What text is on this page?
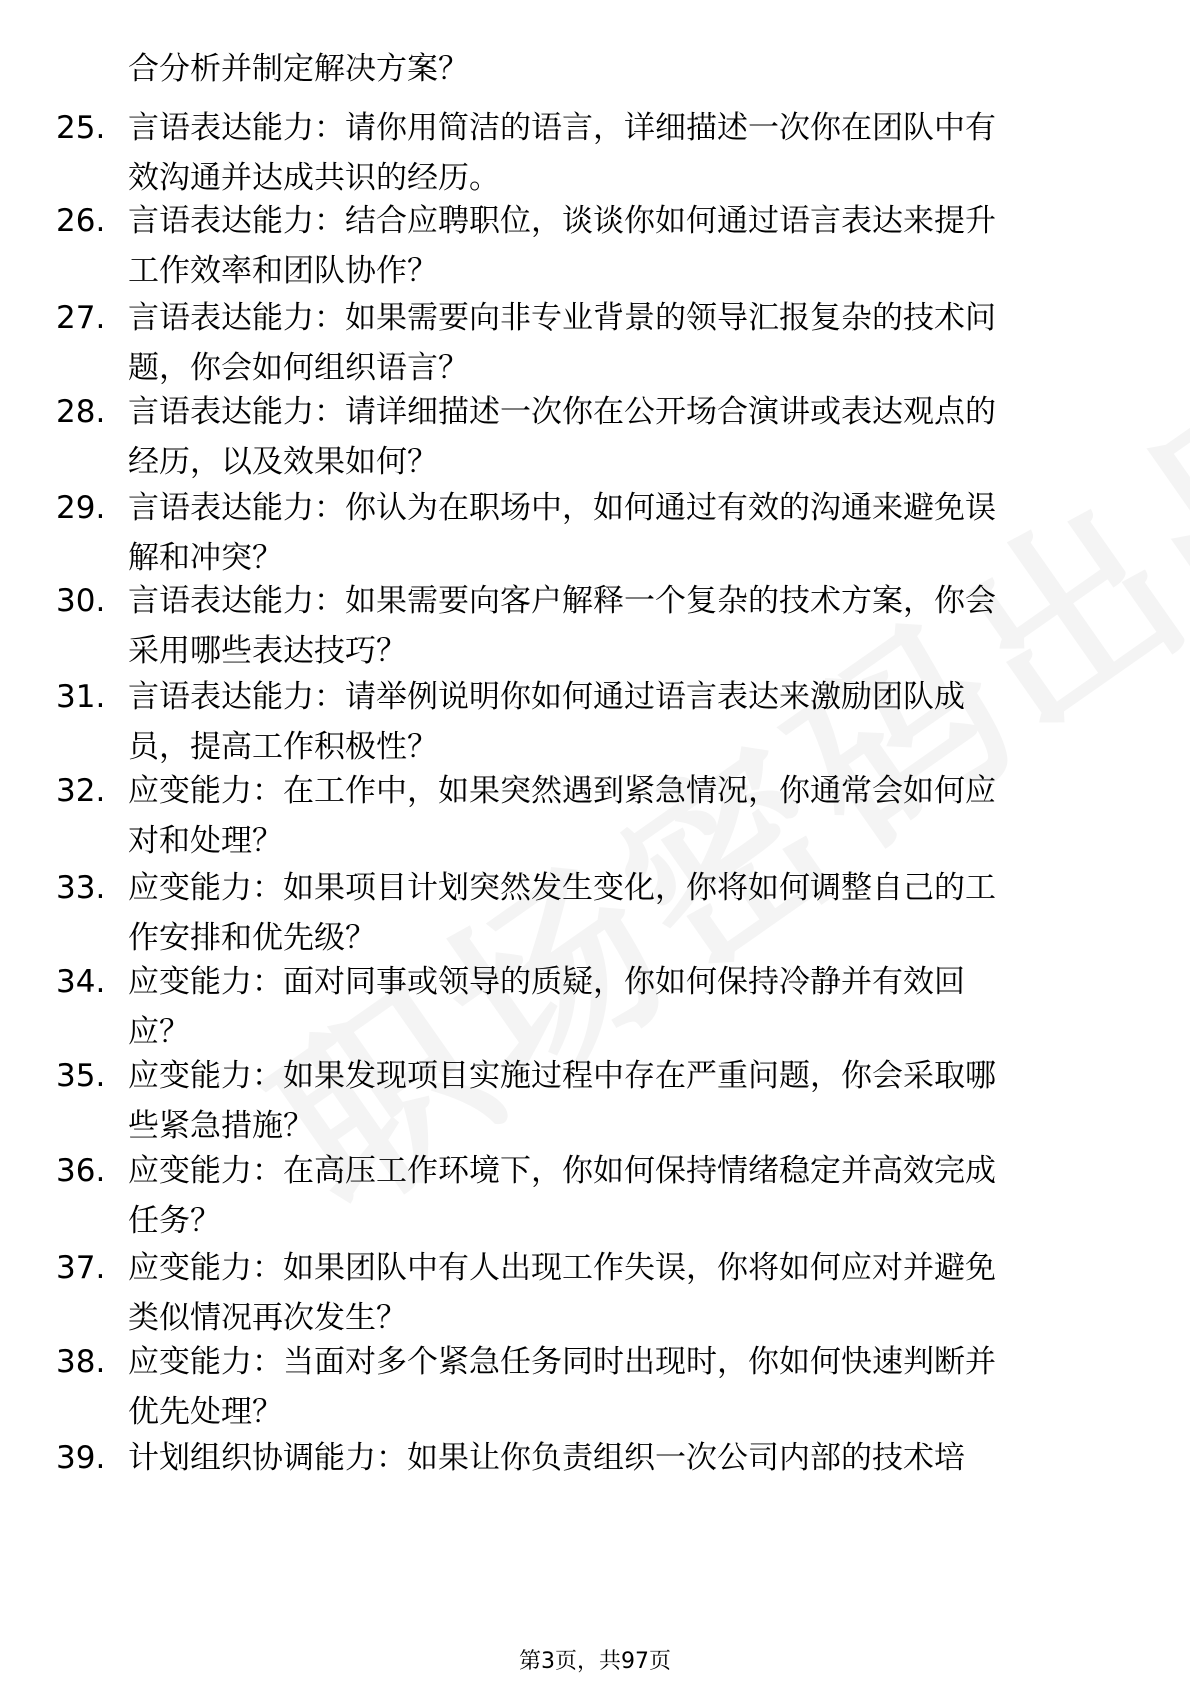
合分析并制定解决方案？
25. 言语表达能力：请你用简洁的语言，详细描述一次你在团队中有
效沟通并达成共识的经历。
26. 言语表达能力：结合应聘职位，谈谈你如何通过语言表达来提升
工作效率和团队协作？
27. 言语表达能力：如果需要向非专业背景的领导汇报复杂的技术问
题，你会如何组织语言？
28. 言语表达能力：请详细描述一次你在公开场合演讲或表达观点的
经历，以及效果如何？
29. 言语表达能力：你认为在职场中，如何通过有效的沟通来避免误
解和冲突？
30. 言语表达能力：如果需要向客户解释一个复杂的技术方案，你会
采用哪些表达技巧？
31. 言语表达能力：请举例说明你如何通过语言表达来激励团队成
员，提高工作积极性？
32. 应变能力：在工作中，如果突然遇到紧急情况，你通常会如何应
对和处理？
33. 应变能力：如果项目计划突然发生变化，你将如何调整自己的工
作安排和优先级？
34. 应变能力：面对同事或领导的质疑，你如何保持冷静并有效回
应？
35. 应变能力：如果发现项目实施过程中存在严重问题，你会采取哪
些紧急措施？
36. 应变能力：在高压工作环境下，你如何保持情绪稳定并高效完成
任务？
37. 应变能力：如果团队中有人出现工作失误，你将如何应对并避免
类似情况再次发生？
38. 应变能力：当面对多个紧急任务同时出现时，你如何快速判断并
优先处理？
39. 计划组织协调能力：如果让你负责组织一次公司内部的技术培
第3页，共97页
